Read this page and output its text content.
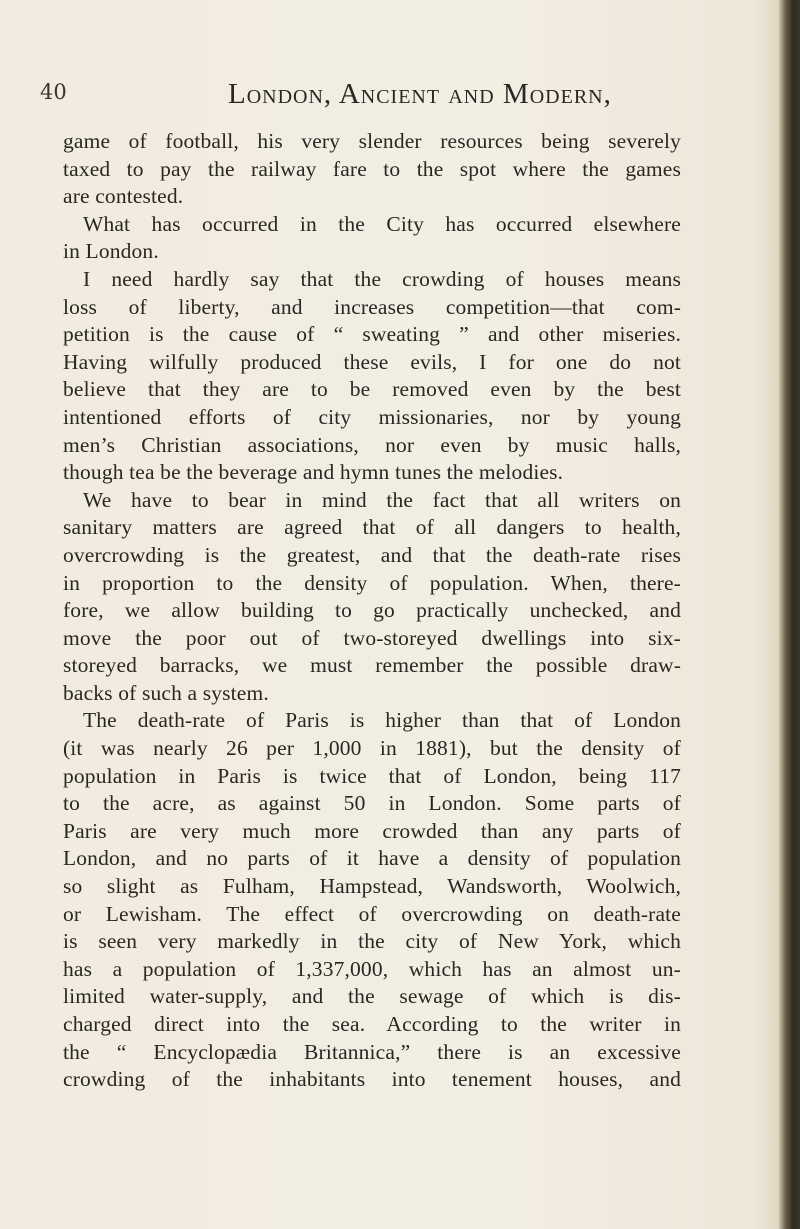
40	London, Ancient and Modern,
game of football, his very slender resources being severely
taxed to pay the railway fare to the spot where the games
are contested.
What has occurred in the City has occurred elsewhere
in London.
I need hardly say that the crowding of houses means
loss of liberty, and increases competition—that com-
petition is the cause of “ sweating ” and other miseries.
Having wilfully produced these evils, I for one do not
believe that they are to be removed even by the best
intentioned efforts of city missionaries, nor by young
men’s Christian associations, nor even by music halls,
though tea be the beverage and hymn tunes the melodies.
We have to bear in mind the fact that all writers on
sanitary matters are agreed that of all dangers to health,
overcrowding is the greatest, and that the death-rate rises
in proportion to the density of population. When, there-
fore, we allow building to go practically unchecked, and
move the poor out of two-storeyed dwellings into six-
storeyed barracks, we must remember the possible draw-
backs of such a system.
The death-rate of Paris is higher than that of London
(it was nearly 26 per 1,000 in 1881), but the density of
population in Paris is twice that of London, being 117
to the acre, as against 50 in London. Some parts of
Paris are very much more crowded than any parts of
London, and no parts of it have a density of population
so slight as Fulham, Hampstead, Wandsworth, Woolwich,
or Lewisham. The effect of overcrowding on death-rate
is seen very markedly in the city of New York, which
has a population of 1,337,000, which has an almost un-
limited water-supply, and the sewage of which is dis-
charged direct into the sea. According to the writer in
the “ Encyclopædia Britannica,” there is an excessive
crowding of the inhabitants into tenement houses, and
